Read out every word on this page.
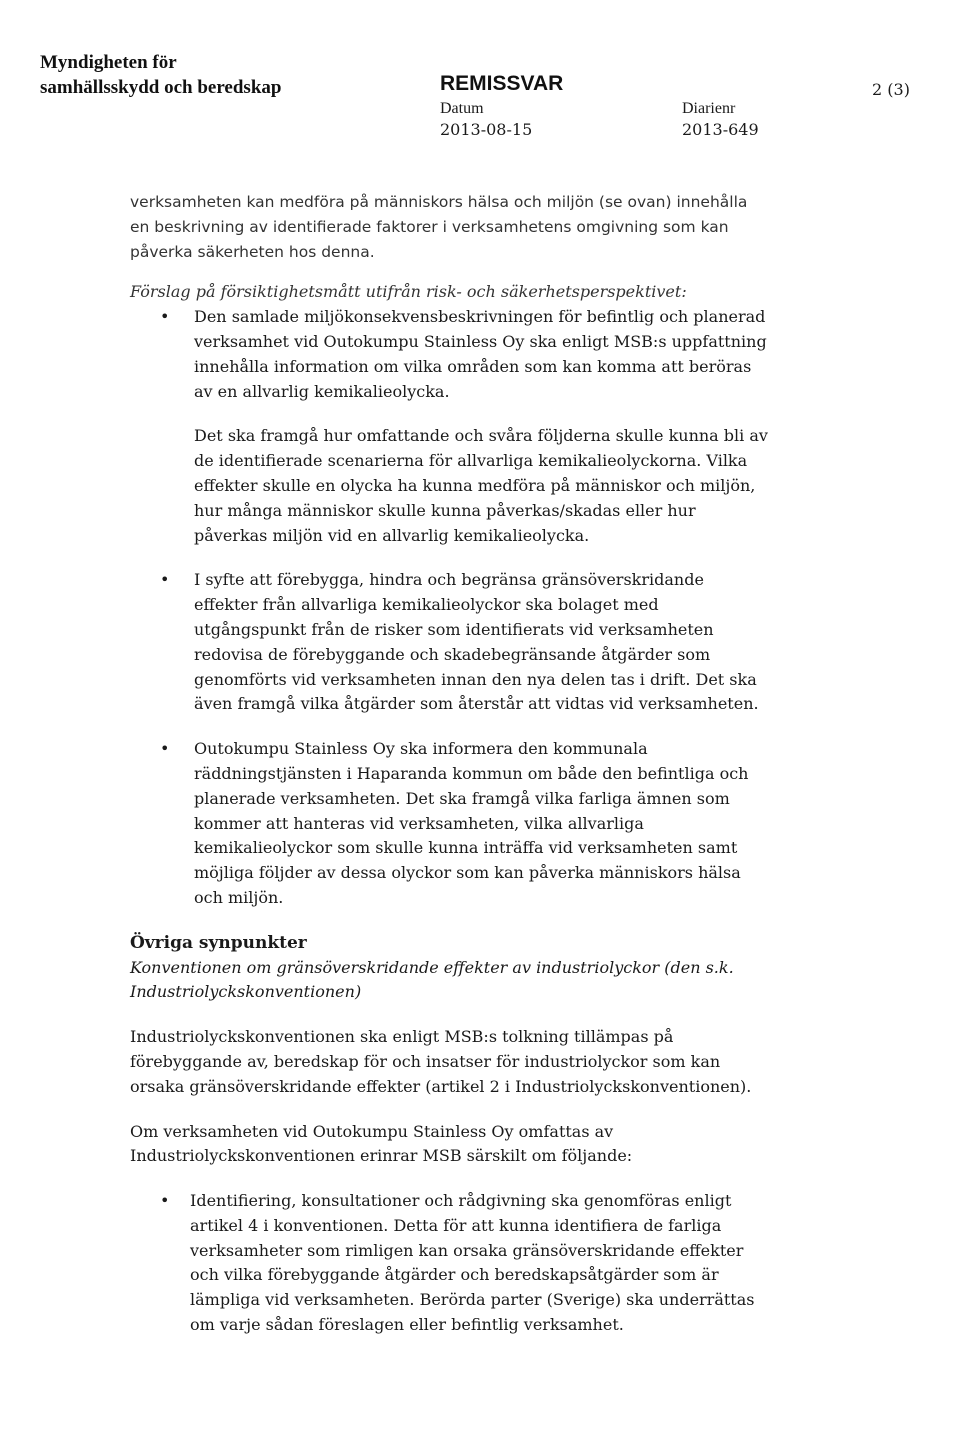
Myndigheten för
samhällsskydd och beredskap	REMISSVAR
Datum
2013-08-15
Diarienr
2013-649
2 (3)

verksamheten kan medföra på människors hälsa och miljön (se ovan) innehålla en beskrivning av identifierade faktorer i verksamhetens omgivning som kan påverka säkerheten hos denna.

Förslag på försiktighetsmått utifrån risk- och säkerhetsperspektivet:

• Den samlade miljökonsekvensbeskrivningen för befintlig och planerad verksamhet vid Outokumpu Stainless Oy ska enligt MSB:s uppfattning innehålla information om vilka områden som kan komma att beröras av en allvarlig kemikalieolycka.

Det ska framgå hur omfattande och svåra följderna skulle kunna bli av de identifierade scenarierna för allvarliga kemikalieolyckorna. Vilka effekter skulle en olycka ha kunna medföra på människor och miljön, hur många människor skulle kunna påverkas/skadas eller hur påverkas miljön vid en allvarlig kemikalieolycka.

• I syfte att förebygga, hindra och begränsa gränsöverskridande effekter från allvarliga kemikalieolyckor ska bolaget med utgångspunkt från de risker som identifierats vid verksamheten redovisa de förebyggande och skadebegränsande åtgärder som genomförts vid verksamheten innan den nya delen tas i drift. Det ska även framgå vilka åtgärder som återstår att vidtas vid verksamheten.

• Outokumpu Stainless Oy ska informera den kommunala räddningstjänsten i Haparanda kommun om både den befintliga och planerade verksamheten. Det ska framgå vilka farliga ämnen som kommer att hanteras vid verksamheten, vilka allvarliga kemikalieolyckor som skulle kunna inträffa vid verksamheten samt möjliga följder av dessa olyckor som kan påverka människors hälsa och miljön.

Övriga synpunkter

Konventionen om gränsöverskridande effekter av industriolyckor (den s.k. Industriolyckskonventionen)

Industriolyckskonventionen ska enligt MSB:s tolkning tillämpas på förebyggande av, beredskap för och insatser för industriolyckor som kan orsaka gränsöverskridande effekter (artikel 2 i Industriolyckskonventionen).

Om verksamheten vid Outokumpu Stainless Oy omfattas av Industriolyckskonventionen erinrar MSB särskilt om följande:

• Identifiering, konsultationer och rådgivning ska genomföras enligt artikel 4 i konventionen. Detta för att kunna identifiera de farliga verksamheter som rimligen kan orsaka gränsöverskridande effekter och vilka förebyggande åtgärder och beredskapsåtgärder som är lämpliga vid verksamheten. Berörda parter (Sverige) ska underrättas om varje sådan föreslagen eller befintlig verksamhet.
